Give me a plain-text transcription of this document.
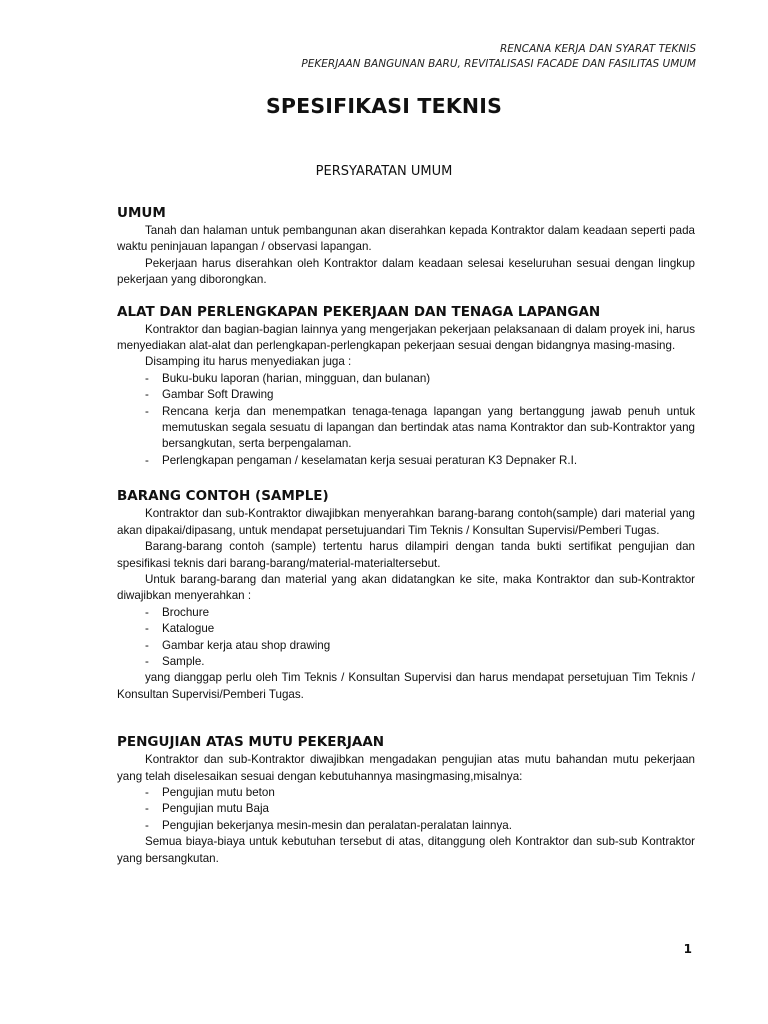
RENCANA KERJA DAN SYARAT TEKNIS
PEKERJAAN BANGUNAN BARU, REVITALISASI FACADE DAN FASILITAS UMUM
SPESIFIKASI TEKNIS
PERSYARATAN UMUM
UMUM

Tanah dan halaman untuk pembangunan akan diserahkan kepada Kontraktor dalam keadaan seperti pada waktu peninjauan lapangan / observasi lapangan.

Pekerjaan harus diserahkan oleh Kontraktor dalam keadaan selesai keseluruhan sesuai dengan lingkup pekerjaan yang diborongkan.

ALAT DAN PERLENGKAPAN PEKERJAAN DAN TENAGA LAPANGAN

Kontraktor dan bagian-bagian lainnya yang mengerjakan pekerjaan pelaksanaan di dalam proyek ini, harus menyediakan alat-alat dan perlengkapan-perlengkapan pekerjaan sesuai dengan bidangnya masing-masing.

Disamping itu harus menyediakan juga :

- Buku-buku laporan (harian, mingguan, dan bulanan)
- Gambar Soft Drawing
- Rencana kerja dan menempatkan tenaga-tenaga lapangan yang bertanggung jawab penuh untuk memutuskan segala sesuatu di lapangan dan bertindak atas nama Kontraktor dan sub-Kontraktor yang bersangkutan, serta berpengalaman.
- Perlengkapan pengaman / keselamatan kerja sesuai peraturan K3 Depnaker R.I.
BARANG CONTOH (SAMPLE)

Kontraktor dan sub-Kontraktor diwajibkan menyerahkan barang-barang contoh(sample) dari material yang akan dipakai/dipasang, untuk mendapat persetujuandari Tim Teknis / Konsultan Supervisi/Pemberi Tugas.

Barang-barang contoh (sample) tertentu harus dilampiri dengan tanda bukti sertifikat pengujian dan spesifikasi teknis dari barang-barang/material-materialtersebut.

Untuk barang-barang dan material yang akan didatangkan ke site, maka Kontraktor dan sub-Kontraktor diwajibkan menyerahkan :

- Brochure
- Katalogue
- Gambar kerja atau shop drawing
- Sample.

yang dianggap perlu oleh Tim Teknis / Konsultan Supervisi dan harus mendapat persetujuan Tim Teknis / Konsultan Supervisi/Pemberi Tugas.

PENGUJIAN ATAS MUTU PEKERJAAN

Kontraktor dan sub-Kontraktor diwajibkan mengadakan pengujian atas mutu bahandan mutu pekerjaan yang telah diselesaikan sesuai dengan kebutuhannya masingmasing,misalnya:

- Pengujian mutu beton
- Pengujian mutu Baja
- Pengujian bekerjanya mesin-mesin dan peralatan-peralatan lainnya.

Semua biaya-biaya untuk kebutuhan tersebut di atas, ditanggung oleh Kontraktor dan sub-sub Kontraktor yang bersangkutan.

1
